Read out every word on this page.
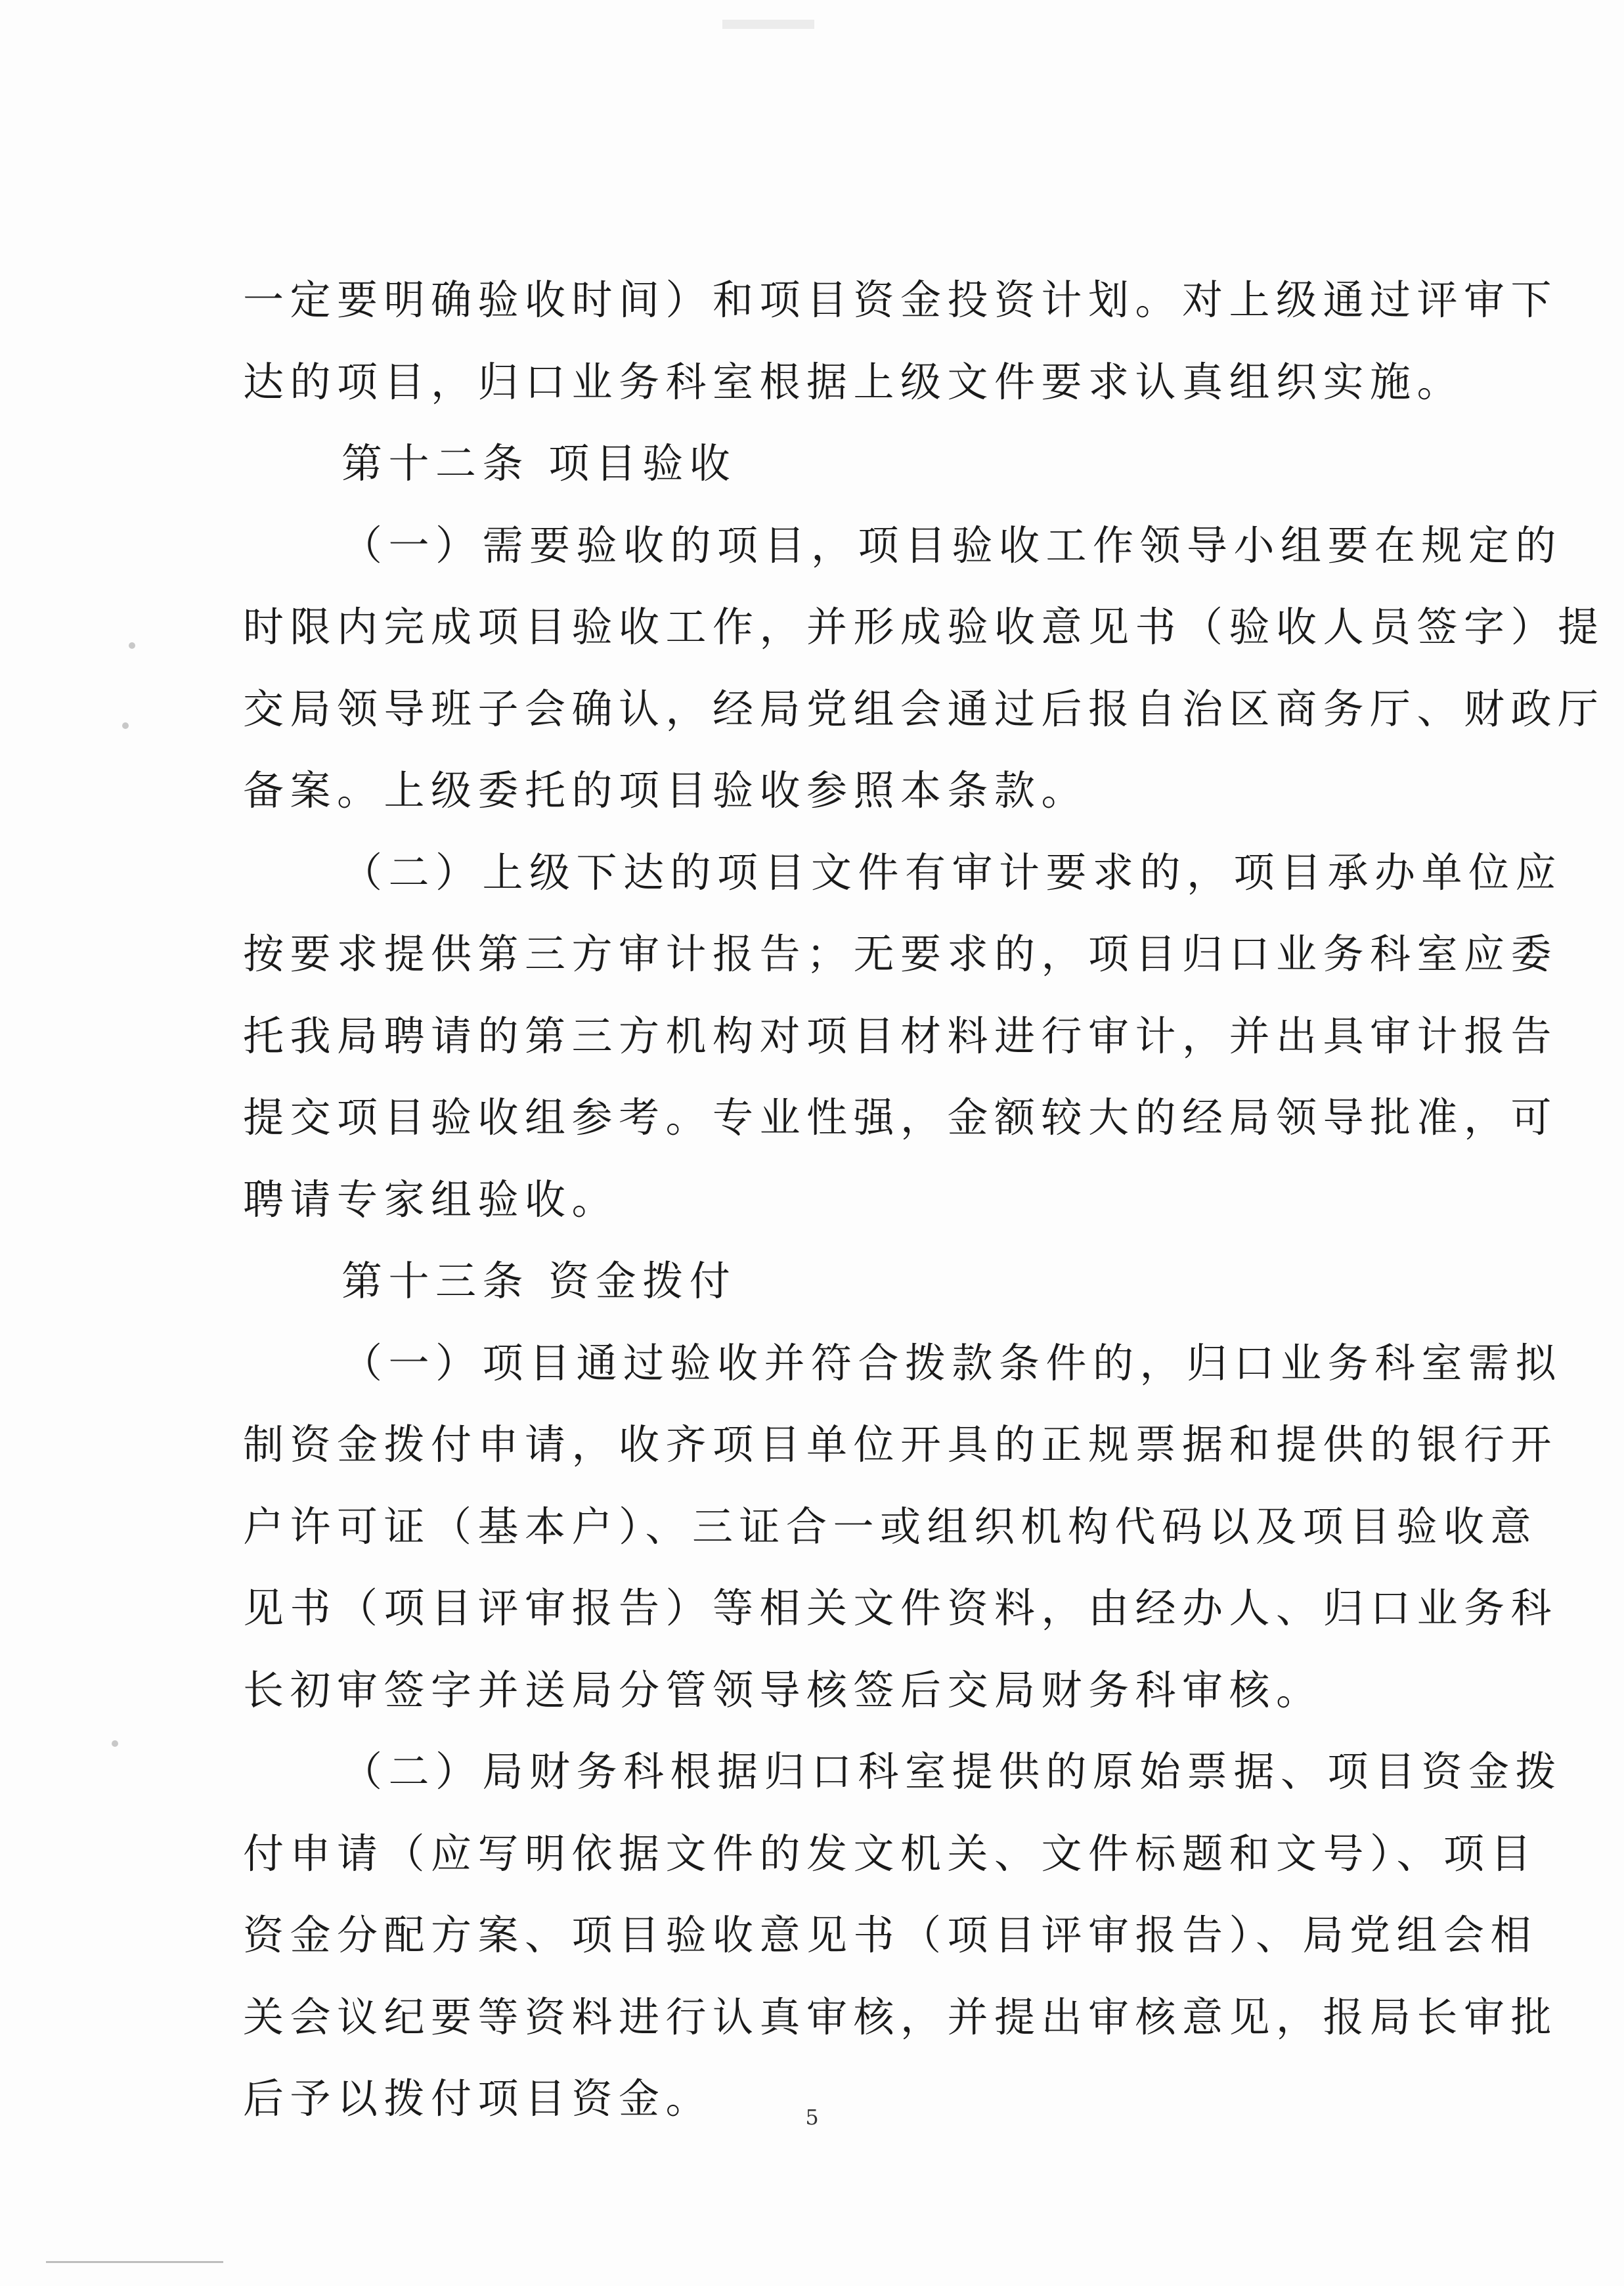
一定要明确验收时间）和项目资金投资计划。对上级通过评审下
达的项目，归口业务科室根据上级文件要求认真组织实施。
第十二条 项目验收
（一）需要验收的项目，项目验收工作领导小组要在规定的
时限内完成项目验收工作，并形成验收意见书（验收人员签字）提
交局领导班子会确认，经局党组会通过后报自治区商务厅、财政厅
备案。上级委托的项目验收参照本条款。
（二）上级下达的项目文件有审计要求的，项目承办单位应
按要求提供第三方审计报告；无要求的，项目归口业务科室应委
托我局聘请的第三方机构对项目材料进行审计，并出具审计报告
提交项目验收组参考。专业性强，金额较大的经局领导批准，可
聘请专家组验收。
第十三条 资金拨付
（一）项目通过验收并符合拨款条件的，归口业务科室需拟
制资金拨付申请，收齐项目单位开具的正规票据和提供的银行开
户许可证（基本户）、三证合一或组织机构代码以及项目验收意
见书（项目评审报告）等相关文件资料，由经办人、归口业务科
长初审签字并送局分管领导核签后交局财务科审核。
（二）局财务科根据归口科室提供的原始票据、项目资金拨
付申请（应写明依据文件的发文机关、文件标题和文号）、项目
资金分配方案、项目验收意见书（项目评审报告）、局党组会相
关会议纪要等资料进行认真审核，并提出审核意见，报局长审批
后予以拨付项目资金。	5
